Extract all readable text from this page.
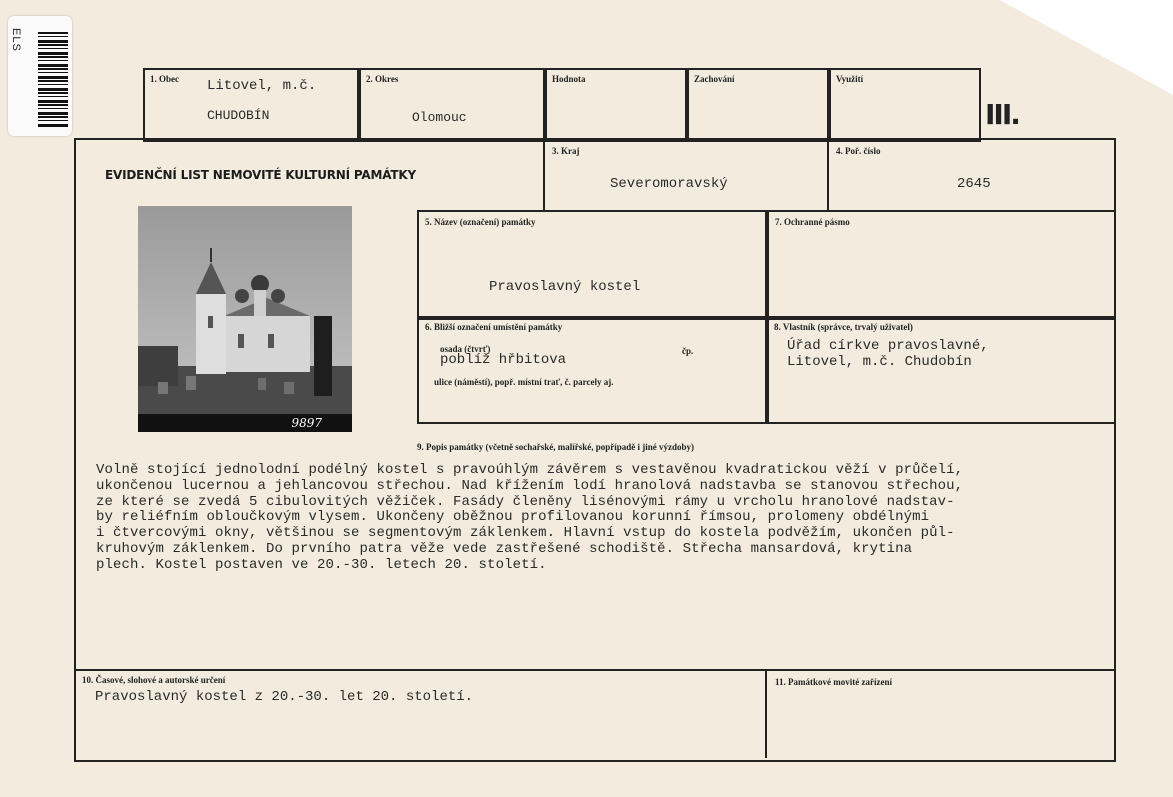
ELS
1. Obec Litovel, m.č.
CHUDOBÍN
2. Okres
Olomouc
Hodnota	Zachování	Využití
III.
EVIDENČNÍ LIST NEMOVITÉ KULTURNÍ PAMÁTKY
3. Kraj
Severomoravský
4. Poř. číslo
2645
9897
5. Název (označení) památky
Pravoslavný kostel
7. Ochranné pásmo
6. Bližší označení umístění památky
osada (čtvrť)	čp.
poblíž hřbitova
ulice (náměstí), popř. místní trať, č. parcely aj.
8. Vlastník (správce, trvalý uživatel)
Úřad církve pravoslavné,
Litovel, m.č. Chudobín
9. Popis památky (včetně sochařské, malířské, popřípadě i jiné výzdoby)
Volně stojící jednolodní podélný kostel s pravoúhlým závěrem s vestavěnou kvadratickou věží v průčelí,
ukončenou lucernou a jehlancovou střechou. Nad křížením lodí hranolová nadstavba se stanovou střechou,
ze které se zvedá 5 cibulovitých věžiček. Fasády členěny lisénovými rámy u vrcholu hranolové nadstav-
by reliéfním obloučkovým vlysem. Ukončeny oběžnou profilovanou korunní římsou, prolomeny obdélnými
i čtvercovými okny, většinou se segmentovým záklenkem. Hlavní vstup do kostela podvěžím, ukončen půl-
kruhovým záklenkem. Do prvního patra věže vede zastřešené schodiště. Střecha mansardová, krytina
plech. Kostel postaven ve 20.-30. letech 20. století.
10. Časové, slohové a autorské určení
Pravoslavný kostel z 20.-30. let 20. století.
11. Památkové movité zařízení
